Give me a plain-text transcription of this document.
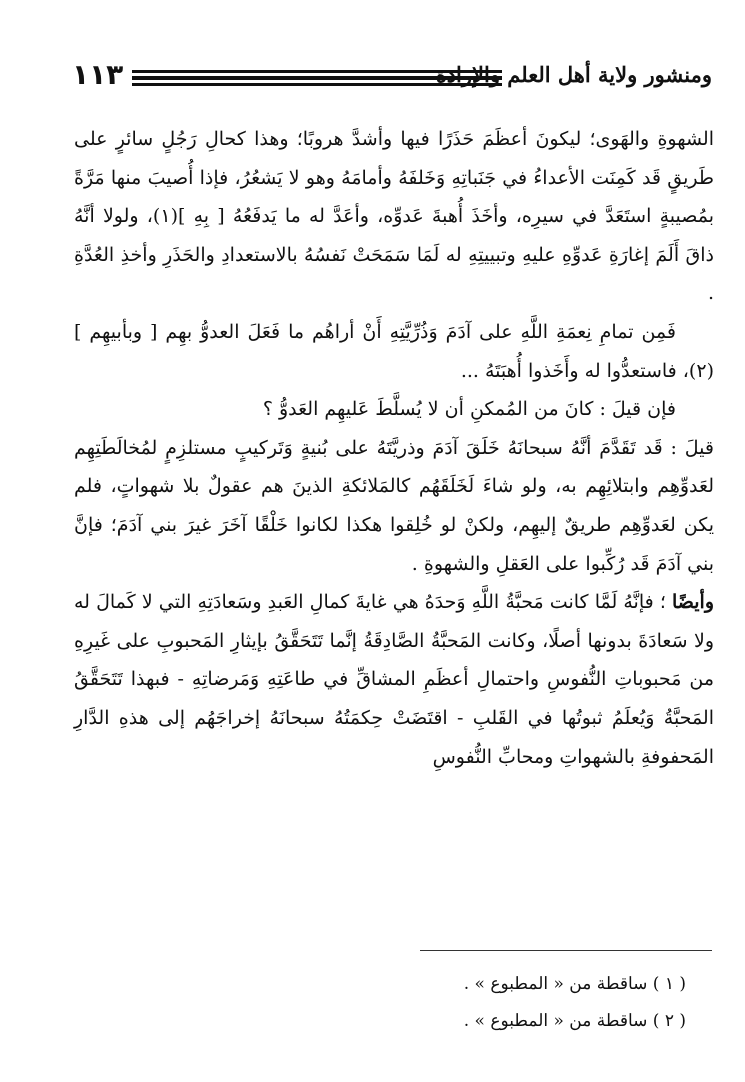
١١٣	ومنشور ولاية أهل العلم والإرادة

الشهوةِ والهَوى؛ ليكونَ أعظَمَ حَذَرًا فيها وأشدَّ هروبًا؛ وهذا كحالِ رَجُلٍ سائرٍ على طَريقٍ قَد كَمِنَت الأعداءُ في جَنَباتِهِ وَخَلفَهُ وأمامَهُ وهو لا يَشعُرُ، فإذا أُصيبَ منها مَرَّةً بمُصيبةٍ استَعَدَّ في سيرِه، وأخَذَ أُهبةَ عَدوِّه، وأعَدَّ له ما يَدفَعُهُ [ بِهِ ](١)، ولولا أنَّهُ ذاقَ أَلَمَ إغارَةِ عَدوِّهِ عليهِ وتبييتِهِ له لَمَا سَمَحَتْ نَفسُهُ بالاستعدادِ والحَذَرِ وأخذِ العُدَّةِ .

فَمِن تمامِ نِعمَةِ اللَّهِ على آدَمَ وَذُرِّيَّتِهِ أَنْ أراهُم ما فَعَلَ العدوُّ بهِم [ وبأبيهِم ](٢)، فاستعدُّوا له وأَخَذوا أُهبَتَهُ ...

فإن قيلَ : كانَ من المُمكنِ أن لا يُسلَّطَ عَليهِم العَدوُّ ؟

قيلَ : قَد تَقَدَّمَ أنَّهُ سبحانَهُ خَلَقَ آدَمَ وذريَّتَهُ على بُنيةٍ وَتَركيبٍ مستلزِمٍ لمُخالَطَتِهِم لعَدوِّهِم وابتلائِهِم به، ولو شاءَ لَخَلَقَهُم كالمَلائكةِ الذينَ هم عقولٌ بلا شهواتٍ، فلم يكن لعَدوِّهِم طريقٌ إليهِم، ولكنْ لو خُلِقوا هكذا لكانوا خَلْقًا آخَرَ غيرَ بني آدَمَ؛ فإنَّ بني آدَمَ قَد رُكِّبوا على العَقلِ والشهوةِ .

وأيضًا ؛ فإنَّهُ لَمَّا كانت مَحبَّةُ اللَّهِ وَحدَهُ هي غايةَ كمالِ العَبدِ وسَعادَتِهِ التي لا كَمالَ له ولا سَعادَةَ بدونها أصلًا، وكانت المَحبَّةُ الصَّادِقَةُ إنَّما تَتَحَقَّقُ بإيثارِ المَحبوبِ على غَيرِهِ من مَحبوباتِ النُّفوسِ واحتمالِ أعظَمِ المشاقِّ في طاعَتِهِ وَمَرضاتِهِ - فبهذا تَتَحَقَّقُ المَحبَّةُ وَيُعلَمُ ثبوتُها في القَلبِ - اقتَضَتْ حِكمَتُهُ سبحانَهُ إخراجَهُم إلى هذهِ الدَّارِ المَحفوفةِ بالشهواتِ ومحابِّ النُّفوسِ

( ١ ) ساقطة من « المطبوع » .

( ٢ ) ساقطة من « المطبوع » .
